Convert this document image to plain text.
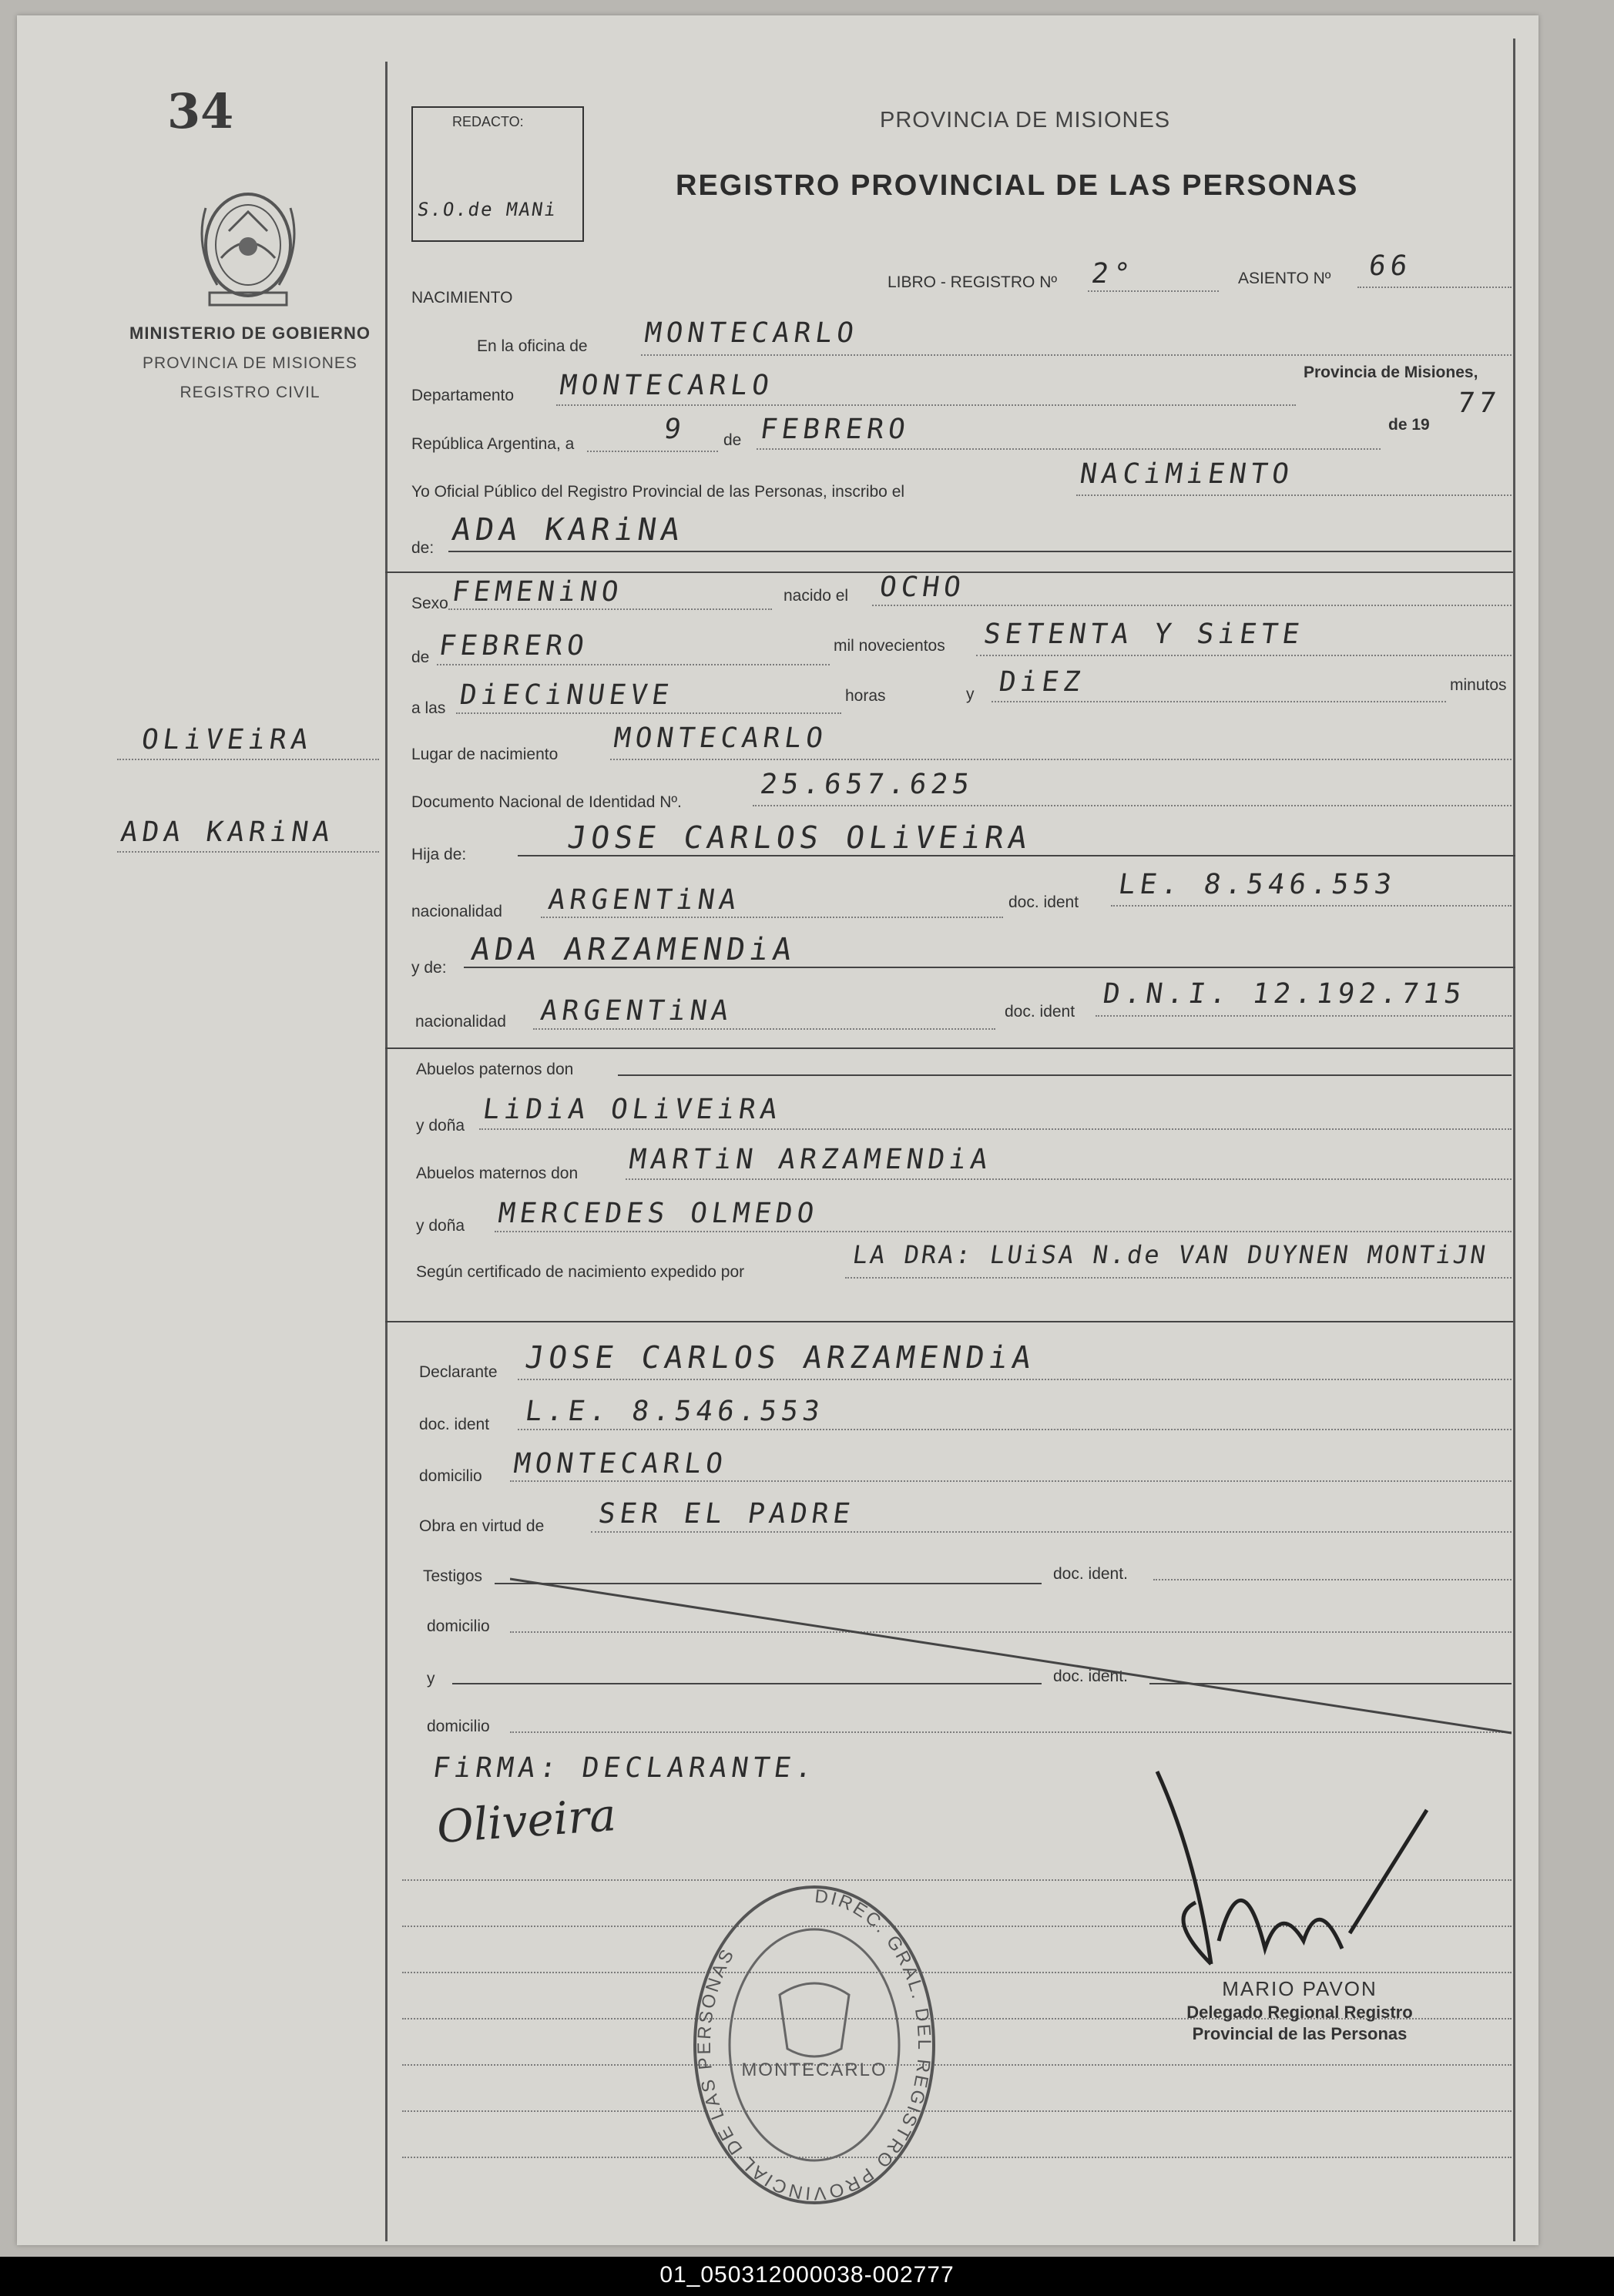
34
MINISTERIO DE GOBIERNO
PROVINCIA DE MISIONES
REGISTRO CIVIL
OLiVEiRA
ADA KARiNA
REDACTO:
S.O.de MANi
PROVINCIA DE MISIONES
REGISTRO PROVINCIAL DE LAS PERSONAS
NACIMIENTO
LIBRO - REGISTRO Nº 2°	ASIENTO Nº 66
En la oficina de MONTECARLO
Departamento MONTECARLO	Provincia de Misiones,
República Argentina, a	9 de FEBRERO	de 19
77
Yo Oficial Público del Registro Provincial de las Personas, inscribo el
NACiMiENTO
de:
ADA KARiNA
Sexo FEMENiNO	nacido el OCHO
de FEBRERO	mil novecientos SETENTA Y SiETE
a las DiECiNUEVE	horas	y DiEZ	minutos
Lugar de nacimiento
MONTECARLO
Documento Nacional de Identidad Nº.
25.657.625
Hija de:	JOSE CARLOS OLiVEiRA
nacionalidad ARGENTiNA	doc. ident
LE. 8.546.553
y de:
ADA ARZAMENDiA
nacionalidad ARGENTiNA	doc. ident
D.N.I. 12.192.715
Abuelos paternos don
y doña
LiDiA OLiVEiRA
Abuelos maternos don MARTiN ARZAMENDiA
y doña MERCEDES OLMEDO
Según certificado de nacimiento expedido por
LA DRA: LUiSA N.de VAN DUYNEN MONTiJN
Declarante JOSE CARLOS ARZAMENDiA
doc. ident L.E. 8.546.553
domicilio MONTECARLO
Obra en virtud de SER EL PADRE
Testigos	doc. ident.
domicilio
y	doc. ident.
domicilio
FiRMA: DECLARANTE.
Oliveira
DIREC. GRAL. DEL REGISTRO PROVINCIAL DE LAS PERSONAS
MONTECARLO
MARIO PAVON
Delegado Regional Registro
Provincial de las Personas
01_050312000038-002777
